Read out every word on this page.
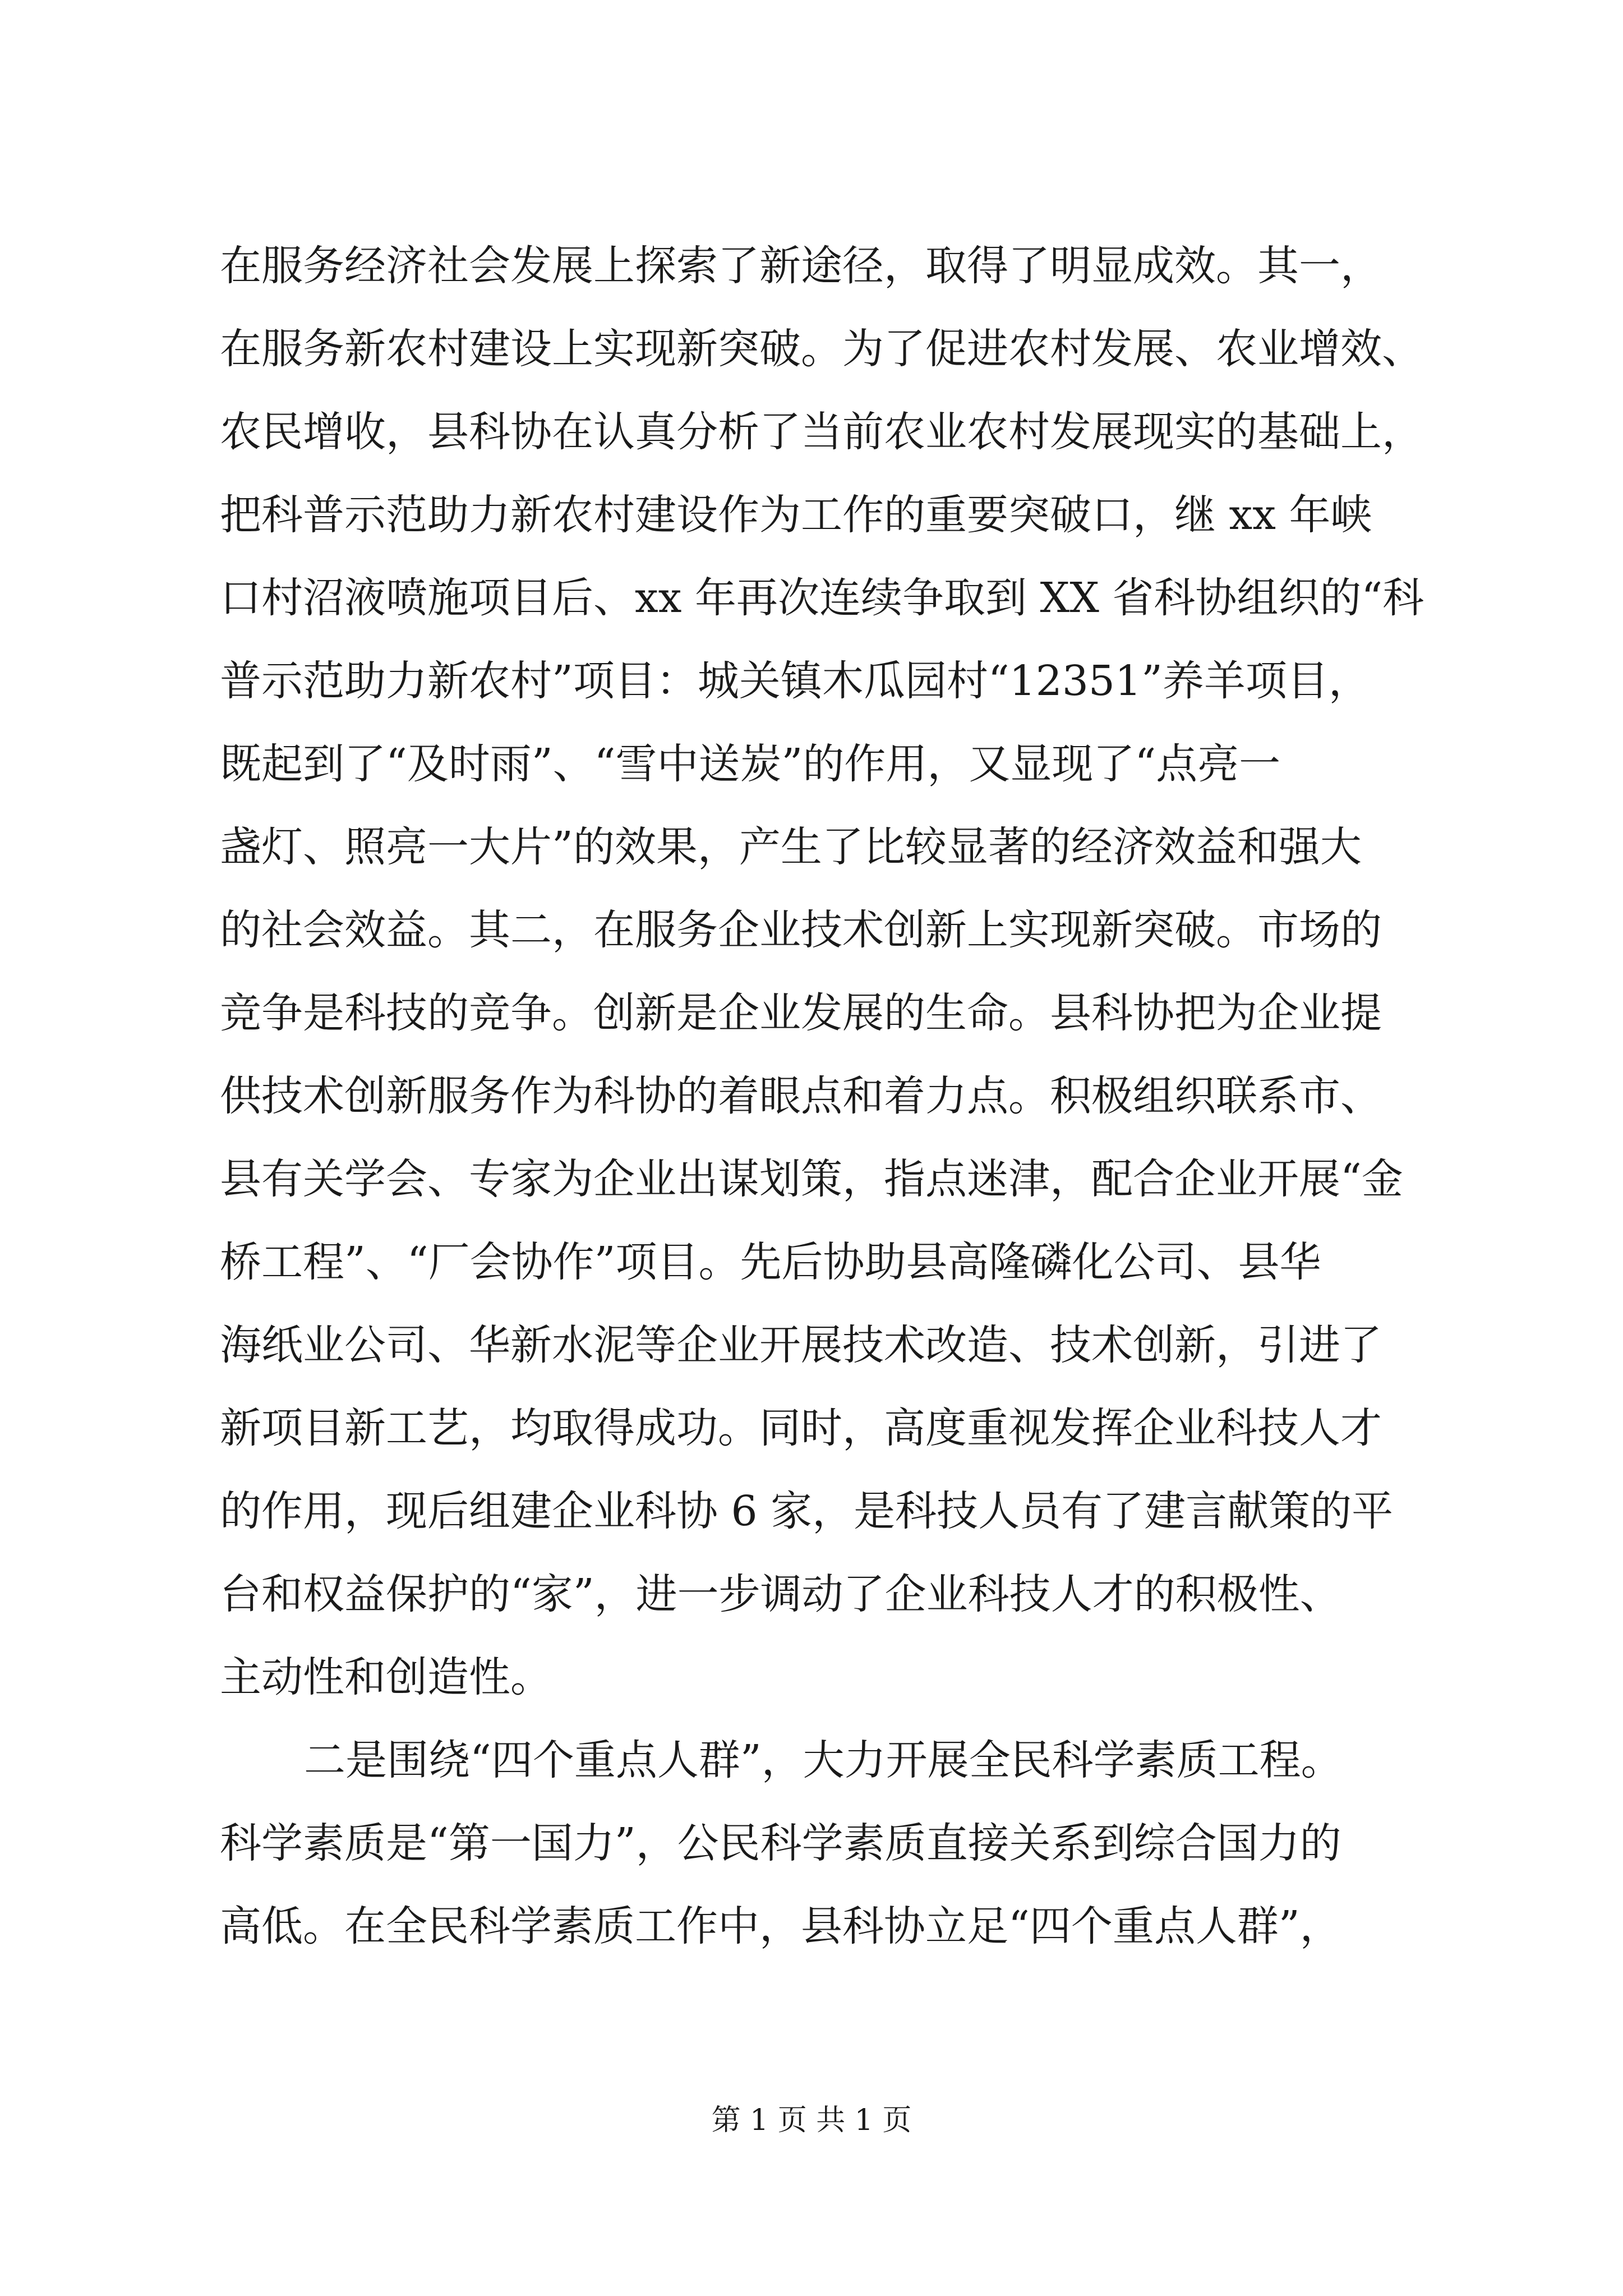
在服务经济社会发展上探索了新途径，取得了明显成效。其一，
在服务新农村建设上实现新突破。为了促进农村发展、农业增效、
农民增收，县科协在认真分析了当前农业农村发展现实的基础上，
把科普示范助力新农村建设作为工作的重要突破口，继 xx 年峡
口村沼液喷施项目后、xx 年再次连续争取到 XX 省科协组织的“科
普示范助力新农村”项目：城关镇木瓜园村“12351”养羊项目，
既起到了“及时雨”、“雪中送炭”的作用，又显现了“点亮一
盏灯、照亮一大片”的效果，产生了比较显著的经济效益和强大
的社会效益。其二，在服务企业技术创新上实现新突破。市场的
竞争是科技的竞争。创新是企业发展的生命。县科协把为企业提
供技术创新服务作为科协的着眼点和着力点。积极组织联系市、
县有关学会、专家为企业出谋划策，指点迷津，配合企业开展“金
桥工程”、“厂会协作”项目。先后协助县高隆磷化公司、县华
海纸业公司、华新水泥等企业开展技术改造、技术创新，引进了
新项目新工艺，均取得成功。同时，高度重视发挥企业科技人才
的作用，现后组建企业科协 6 家，是科技人员有了建言献策的平
台和权益保护的“家”，进一步调动了企业科技人才的积极性、
主动性和创造性。
二是围绕“四个重点人群”，大力开展全民科学素质工程。
科学素质是“第一国力”，公民科学素质直接关系到综合国力的
高低。在全民科学素质工作中，县科协立足“四个重点人群”，
第 1 页 共 1 页
